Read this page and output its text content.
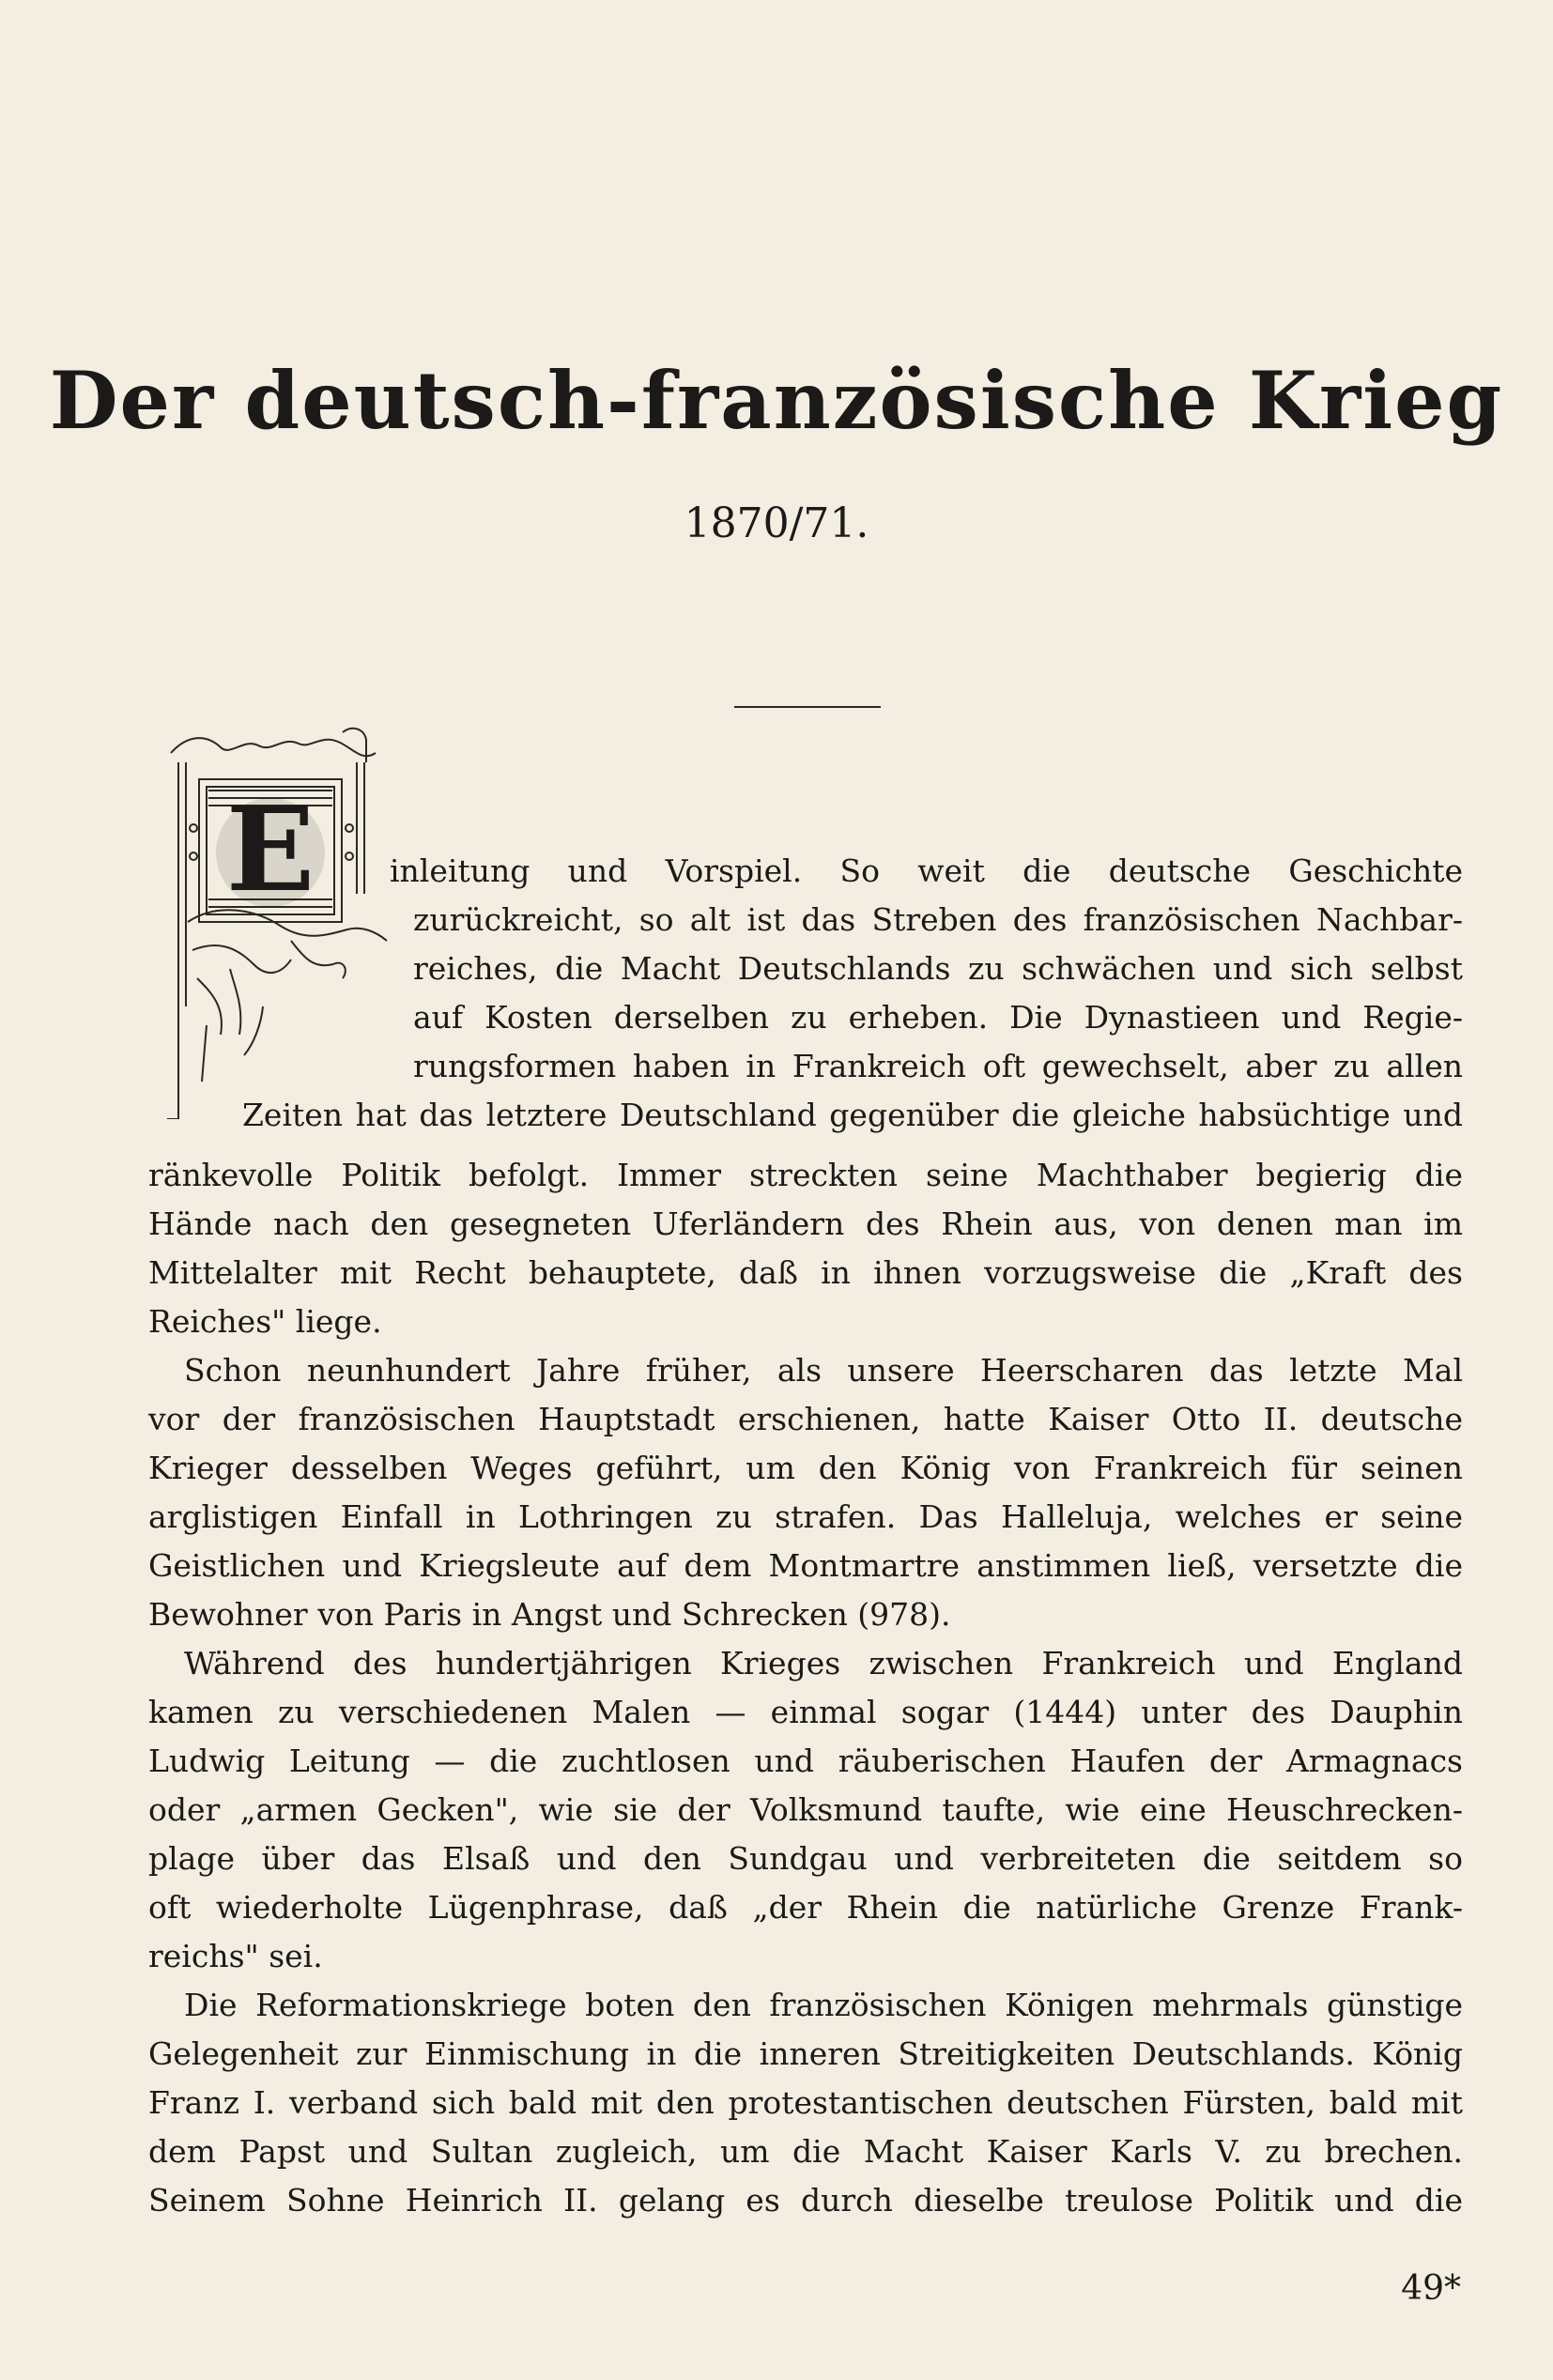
Der deutsch-französische Krieg
1870/71.
E inleitung und Vorspiel. So weit die deutsche Geschichte
zurückreicht, so alt ist das Streben des französischen Nachbar-
reiches, die Macht Deutschlands zu schwächen und sich selbst
auf Kosten derselben zu erheben. Die Dynastieen und Regie-
rungsformen haben in Frankreich oft gewechselt, aber zu allen
Zeiten hat das letztere Deutschland gegenüber die gleiche habsüchtige und
ränkevolle Politik befolgt. Immer streckten seine Machthaber begierig die
Hände nach den gesegneten Uferländern des Rhein aus, von denen man im
Mittelalter mit Recht behauptete, daß in ihnen vorzugsweise die „Kraft des
Reiches" liege.
Schon neunhundert Jahre früher, als unsere Heerscharen das letzte Mal
vor der französischen Hauptstadt erschienen, hatte Kaiser Otto II. deutsche
Krieger desselben Weges geführt, um den König von Frankreich für seinen
arglistigen Einfall in Lothringen zu strafen. Das Halleluja, welches er seine
Geistlichen und Kriegsleute auf dem Montmartre anstimmen ließ, versetzte die
Bewohner von Paris in Angst und Schrecken (978).
Während des hundertjährigen Krieges zwischen Frankreich und England
kamen zu verschiedenen Malen — einmal sogar (1444) unter des Dauphin
Ludwig Leitung — die zuchtlosen und räuberischen Haufen der Armagnacs
oder „armen Gecken", wie sie der Volksmund taufte, wie eine Heuschrecken-
plage über das Elsaß und den Sundgau und verbreiteten die seitdem so
oft wiederholte Lügenphrase, daß „der Rhein die natürliche Grenze Frank-
reichs" sei.
Die Reformationskriege boten den französischen Königen mehrmals günstige
Gelegenheit zur Einmischung in die inneren Streitigkeiten Deutschlands. König
Franz I. verband sich bald mit den protestantischen deutschen Fürsten, bald mit
dem Papst und Sultan zugleich, um die Macht Kaiser Karls V. zu brechen.
Seinem Sohne Heinrich II. gelang es durch dieselbe treulose Politik und die
49*
